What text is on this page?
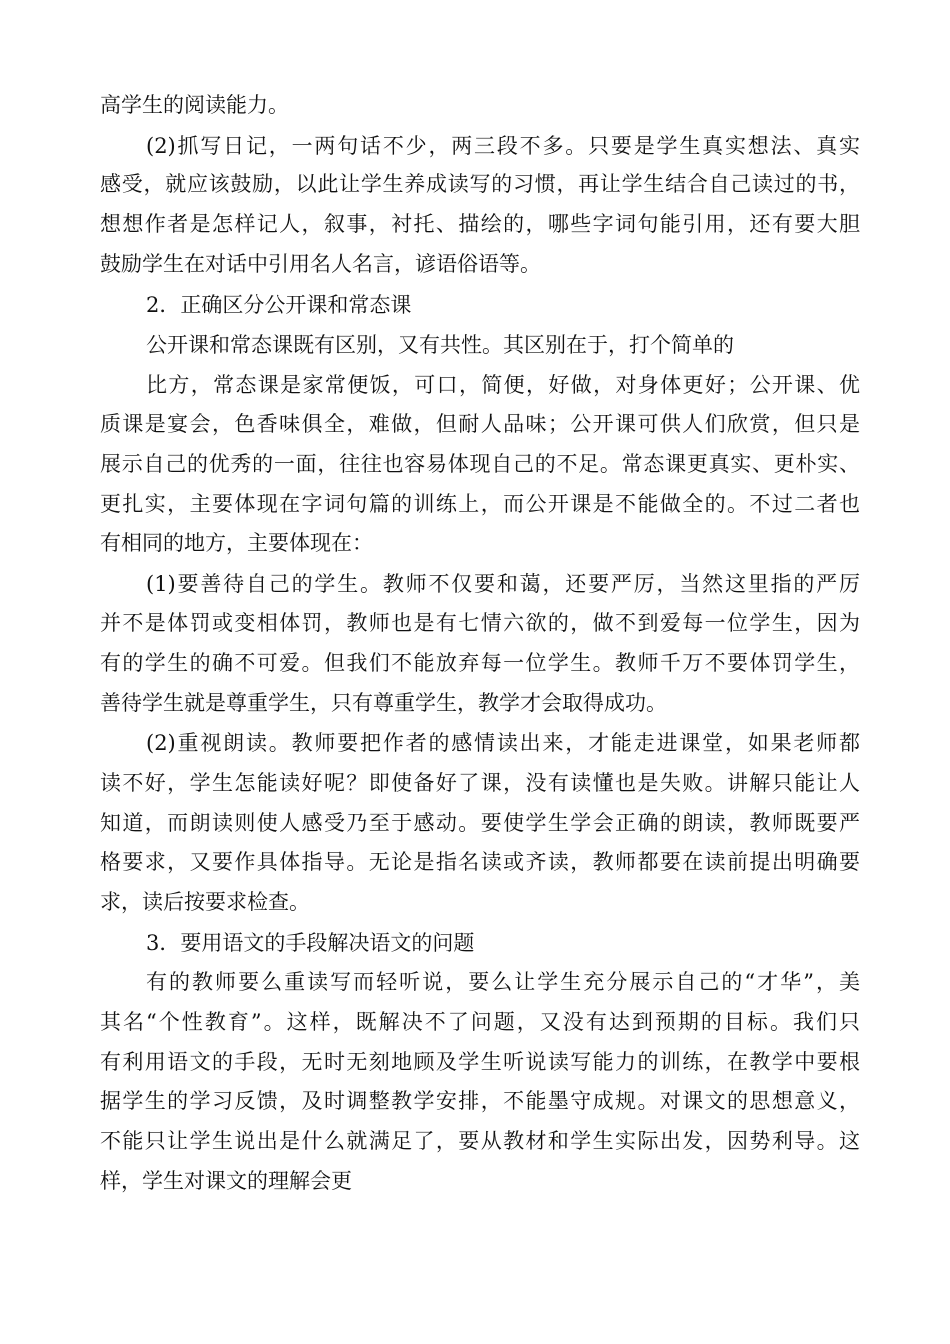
高学生的阅读能力。
(2)抓写日记，一两句话不少，两三段不多。只要是学生真实想法、真实
感受，就应该鼓励，以此让学生养成读写的习惯，再让学生结合自己读过的书，
想想作者是怎样记人，叙事，衬托、描绘的，哪些字词句能引用，还有要大胆
鼓励学生在对话中引用名人名言，谚语俗语等。
2．正确区分公开课和常态课
公开课和常态课既有区别，又有共性。其区别在于，打个简单的
比方，常态课是家常便饭，可口，简便，好做，对身体更好；公开课、优
质课是宴会，色香味俱全，难做，但耐人品味；公开课可供人们欣赏，但只是
展示自己的优秀的一面，往往也容易体现自己的不足。常态课更真实、更朴实、
更扎实，主要体现在字词句篇的训练上，而公开课是不能做全的。不过二者也
有相同的地方，主要体现在：
(1)要善待自己的学生。教师不仅要和蔼，还要严厉，当然这里指的严厉
并不是体罚或变相体罚，教师也是有七情六欲的，做不到爱每一位学生，因为
有的学生的确不可爱。但我们不能放弃每一位学生。教师千万不要体罚学生，
善待学生就是尊重学生，只有尊重学生，教学才会取得成功。
(2)重视朗读。教师要把作者的感情读出来，才能走进课堂，如果老师都
读不好，学生怎能读好呢？即使备好了课，没有读懂也是失败。讲解只能让人
知道，而朗读则使人感受乃至于感动。要使学生学会正确的朗读，教师既要严
格要求，又要作具体指导。无论是指名读或齐读，教师都要在读前提出明确要
求，读后按要求检查。
3．要用语文的手段解决语文的问题
有的教师要么重读写而轻听说，要么让学生充分展示自己的“才华”，美
其名“个性教育”。这样，既解决不了问题，又没有达到预期的目标。我们只
有利用语文的手段，无时无刻地顾及学生听说读写能力的训练，在教学中要根
据学生的学习反馈，及时调整教学安排，不能墨守成规。对课文的思想意义，
不能只让学生说出是什么就满足了，要从教材和学生实际出发，因势利导。这
样，学生对课文的理解会更
